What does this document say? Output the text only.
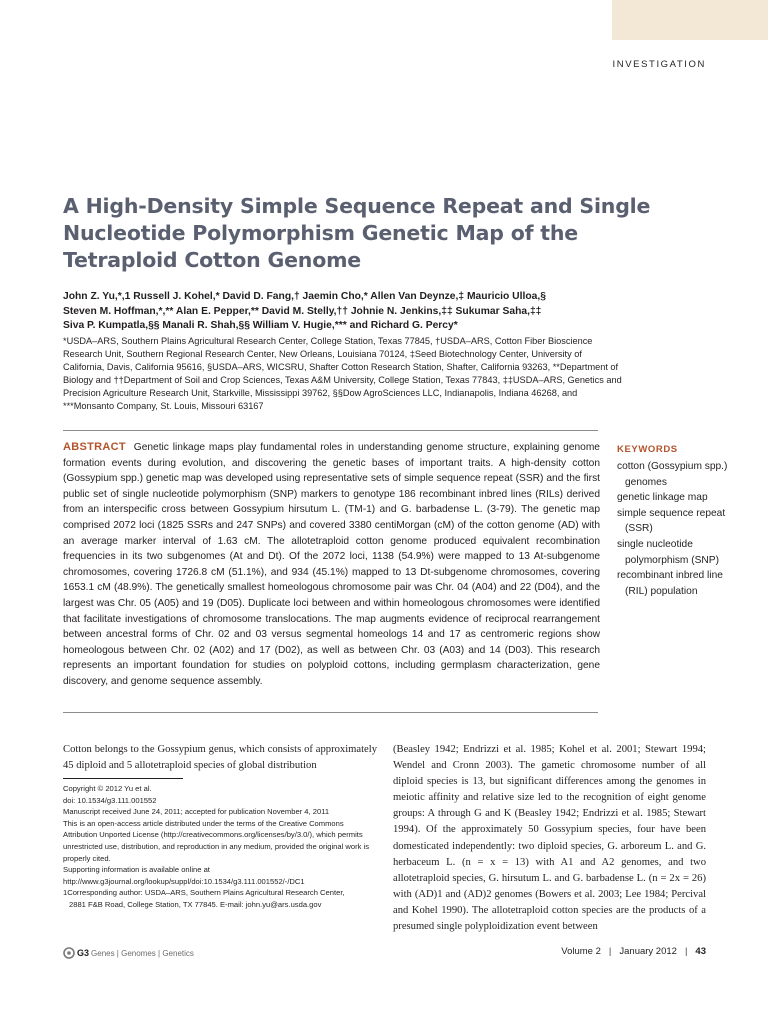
INVESTIGATION
A High-Density Simple Sequence Repeat and Single Nucleotide Polymorphism Genetic Map of the Tetraploid Cotton Genome
John Z. Yu,*,1 Russell J. Kohel,* David D. Fang,† Jaemin Cho,* Allen Van Deynze,‡ Mauricio Ulloa,§
Steven M. Hoffman,*,** Alan E. Pepper,** David M. Stelly,†† Johnie N. Jenkins,‡‡ Sukumar Saha,‡‡
Siva P. Kumpatla,§§ Manali R. Shah,§§ William V. Hugie,*** and Richard G. Percy*
*USDA–ARS, Southern Plains Agricultural Research Center, College Station, Texas 77845, †USDA–ARS, Cotton Fiber Bioscience Research Unit, Southern Regional Research Center, New Orleans, Louisiana 70124, ‡Seed Biotechnology Center, University of California, Davis, California 95616, §USDA–ARS, WICSRU, Shafter Cotton Research Station, Shafter, California 93263, **Department of Biology and ††Department of Soil and Crop Sciences, Texas A&M University, College Station, Texas 77843, ‡‡USDA–ARS, Genetics and Precision Agriculture Research Unit, Starkville, Mississippi 39762, §§Dow AgroSciences LLC, Indianapolis, Indiana 46268, and ***Monsanto Company, St. Louis, Missouri 63167

ABSTRACT Genetic linkage maps play fundamental roles in understanding genome structure, explaining genome formation events during evolution, and discovering the genetic bases of important traits. A high-density cotton (Gossypium spp.) genetic map was developed using representative sets of simple sequence repeat (SSR) and the first public set of single nucleotide polymorphism (SNP) markers to genotype 186 recombinant inbred lines (RILs) derived from an interspecific cross between Gossypium hirsutum L. (TM-1) and G. barbadense L. (3-79). The genetic map comprised 2072 loci (1825 SSRs and 247 SNPs) and covered 3380 centiMorgan (cM) of the cotton genome (AD) with an average marker interval of 1.63 cM. The allotetraploid cotton genome produced equivalent recombination frequencies in its two subgenomes (At and Dt). Of the 2072 loci, 1138 (54.9%) were mapped to 13 At-subgenome chromosomes, covering 1726.8 cM (51.1%), and 934 (45.1%) mapped to 13 Dt-subgenome chromosomes, covering 1653.1 cM (48.9%). The genetically smallest homeologous chromosome pair was Chr. 04 (A04) and 22 (D04), and the largest was Chr. 05 (A05) and 19 (D05). Duplicate loci between and within homeologous chromosomes were identified that facilitate investigations of chromosome translocations. The map augments evidence of reciprocal rearrangement between ancestral forms of Chr. 02 and 03 versus segmental homeologs 14 and 17 as centromeric regions show homeologous between Chr. 02 (A02) and 17 (D02), as well as between Chr. 03 (A03) and 14 (D03). This research represents an important foundation for studies on polyploid cottons, including germplasm characterization, gene discovery, and genome sequence assembly.

KEYWORDS
cotton (Gossypium spp.) genomes
genetic linkage map
simple sequence repeat (SSR)
single nucleotide polymorphism (SNP)
recombinant inbred line (RIL) population

Cotton belongs to the Gossypium genus, which consists of approximately 45 diploid and 5 allotetraploid species of global distribution

Copyright © 2012 Yu et al.
doi: 10.1534/g3.111.001552
Manuscript received June 24, 2011; accepted for publication November 4, 2011
This is an open-access article distributed under the terms of the Creative Commons Attribution Unported License (http://creativecommons.org/licenses/by/3.0/), which permits unrestricted use, distribution, and reproduction in any medium, provided the original work is properly cited.
Supporting information is available online at http://www.g3journal.org/lookup/suppl/doi:10.1534/g3.111.001552/-/DC1
1Corresponding author: USDA–ARS, Southern Plains Agricultural Research Center,
2881 F&B Road, College Station, TX 77845. E-mail: john.yu@ars.usda.gov

(Beasley 1942; Endrizzi et al. 1985; Kohel et al. 2001; Stewart 1994; Wendel and Cronn 2003). The gametic chromosome number of all diploid species is 13, but significant differences among the genomes in meiotic affinity and relative size led to the recognition of eight genome groups: A through G and K (Beasley 1942; Endrizzi et al. 1985; Stewart 1994). Of the approximately 50 Gossypium species, four have been domesticated independently: two diploid species, G. arboreum L. and G. herbaceum L. (n = x = 13) with A1 and A2 genomes, and two allotetraploid species, G. hirsutum L. and G. barbadense L. (n = 2x = 26) with (AD)1 and (AD)2 genomes (Bowers et al. 2003; Lee 1984; Percival and Kohel 1990). The allotetraploid cotton species are the products of a presumed single polyploidization event between

G3 Genes | Genomes | Genetics	Volume 2 | January 2012 | 43
